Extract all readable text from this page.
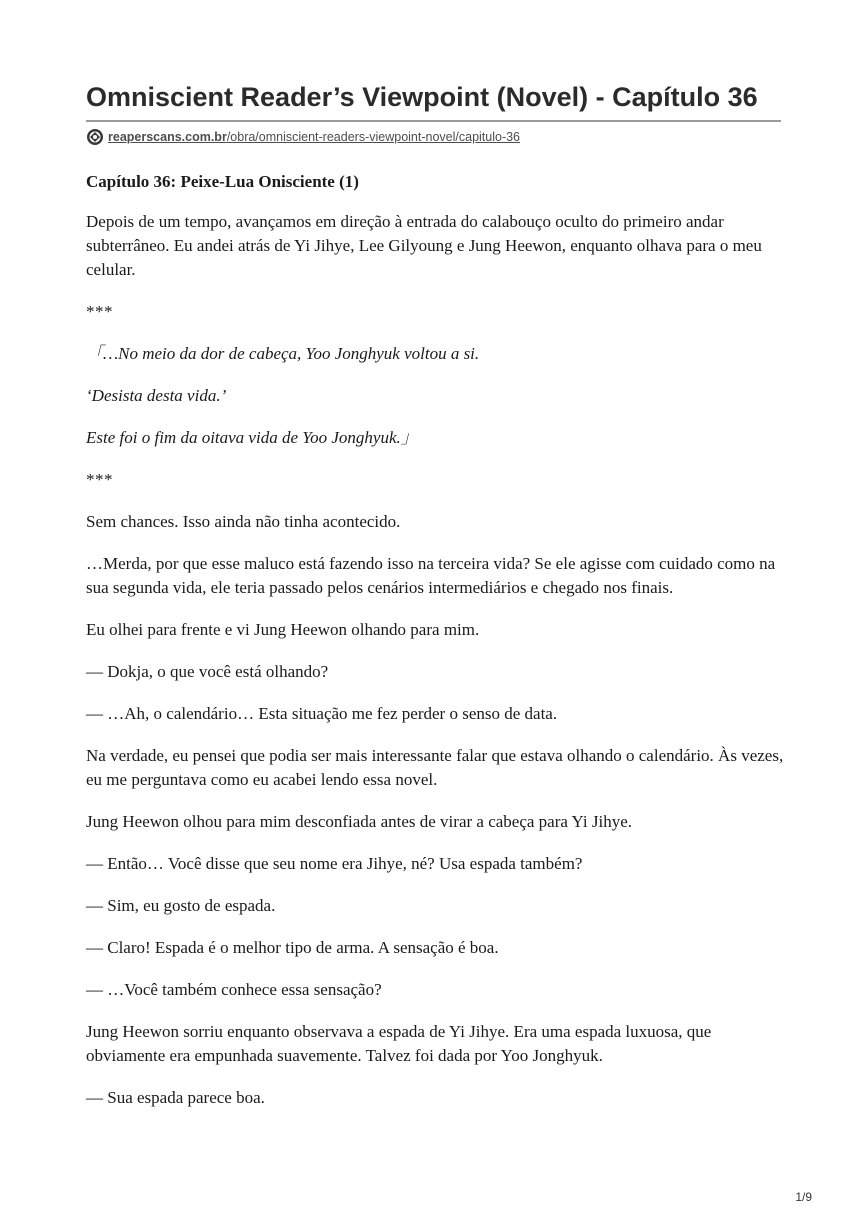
Omniscient Reader’s Viewpoint (Novel) - Capítulo 36
reaperscans.com.br/obra/omniscient-readers-viewpoint-novel/capitulo-36

Capítulo 36: Peixe-Lua Onisciente (1)

Depois de um tempo, avançamos em direção à entrada do calabouço oculto do primeiro andar subterrâneo. Eu andei atrás de Yi Jihye, Lee Gilyoung e Jung Heewon, enquanto olhava para o meu celular.

***

「…No meio da dor de cabeça, Yoo Jonghyuk voltou a si.

‘Desista desta vida.’

Este foi o fim da oitava vida de Yoo Jonghyuk.」

***

Sem chances. Isso ainda não tinha acontecido.

…Merda, por que esse maluco está fazendo isso na terceira vida? Se ele agisse com cuidado como na sua segunda vida, ele teria passado pelos cenários intermediários e chegado nos finais.

Eu olhei para frente e vi Jung Heewon olhando para mim.

— Dokja, o que você está olhando?

— …Ah, o calendário… Esta situação me fez perder o senso de data.

Na verdade, eu pensei que podia ser mais interessante falar que estava olhando o calendário. Às vezes, eu me perguntava como eu acabei lendo essa novel.

Jung Heewon olhou para mim desconfiada antes de virar a cabeça para Yi Jihye.

— Então… Você disse que seu nome era Jihye, né? Usa espada também?

— Sim, eu gosto de espada.

— Claro! Espada é o melhor tipo de arma. A sensação é boa.

— …Você também conhece essa sensação?

Jung Heewon sorriu enquanto observava a espada de Yi Jihye. Era uma espada luxuosa, que obviamente era empunhada suavemente. Talvez foi dada por Yoo Jonghyuk.

— Sua espada parece boa.

1/9
